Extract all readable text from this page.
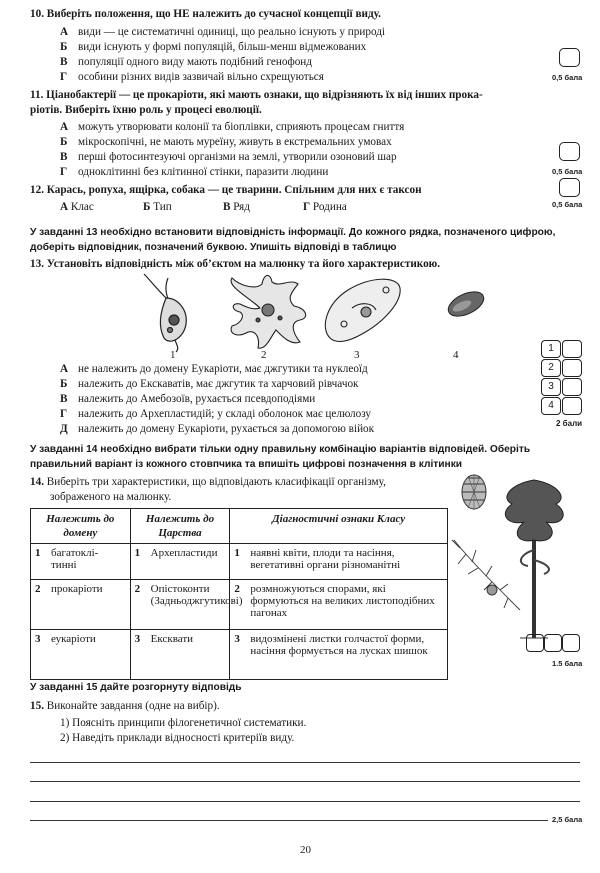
10. Виберіть положення, що НЕ належить до сучасної концепції виду.
А види — це систематичні одиниці, що реально існують у природі
Б види існують у формі популяцій, більш-менш відмежованих
В популяції одного виду мають подібний генофонд
Г особини різних видів зазвичай вільно схрещуються	0,5 бала
11. Ціанобактерії — це прокаріоти, які мають ознаки, що відрізняють їх від інших прока-
ріотів. Виберіть їхню роль у процесі еволюції.
А можуть утворювати колонії та біоплівки, сприяють процесам гниття
Б мікроскопічні, не мають муреїну, живуть в екстремальних умовах
В перші фотосинтезуючі організми на землі, утворили озоновий шар
Г одноклітинні без клітинної стінки, паразити людини	0,5 бала
12. Карась, ропуха, ящірка, собака — це тварини. Спільним для них є таксон
А Клас	Б Тип	В Ряд	Г Родина	0,5 бала
У завданні 13 необхідно встановити відповідність інформації. До кожного рядка, позначеного цифрою,
доберіть відповідник, позначений буквою. Упишіть відповіді в таблицю
13. Установіть відповідність між об’єктом на малюнку та його характеристикою.
1	2	3	4
А не належить до домену Еукаріоти, має джгутики та нуклеоїд
Б належить до Екскаватів, має джгутик та харчовий рівчачок
В належить до Амебозоїв, рухається псевдоподіями
Г належить до Архепластидій; у складі оболонок має целюлозу
Д належить до домену Еукаріоти, рухається за допомогою війок
1
2
3
4
2 бали
У завданні 14 необхідно вибрати тільки одну правильну комбінацію варіантів відповідей. Оберіть
правильний варіант із кожного стовпчика та впишіть цифрові позначення в клітинки
14. Виберіть три характеристики, що відповідають класифікації організму,
зображеного на малюнку.
Належить до домену	Належить до Царства	Діагностичні ознаки Класу
1 багатоклі-тинні	1 Архепластиди	1 наявні квіти, плоди та насіння, вегетативні органи різноманітні
2 прокаріоти	2 Опістоконти (Задньоджгутикові)	2 розмножуються спорами, які формуються на великих листоподібних пагонах
3 еукаріоти	3 Ексквати	3 видозмінені листки голчастої форми, насіння формується на лусках шишок
1.5 бала
У завданні 15 дайте розгорнуту відповідь
15. Виконайте завдання (одне на вибір).
1) Поясніть принципи філогенетичної систематики.
2) Наведіть приклади відносності критеріїв виду.
2,5 бала
20
